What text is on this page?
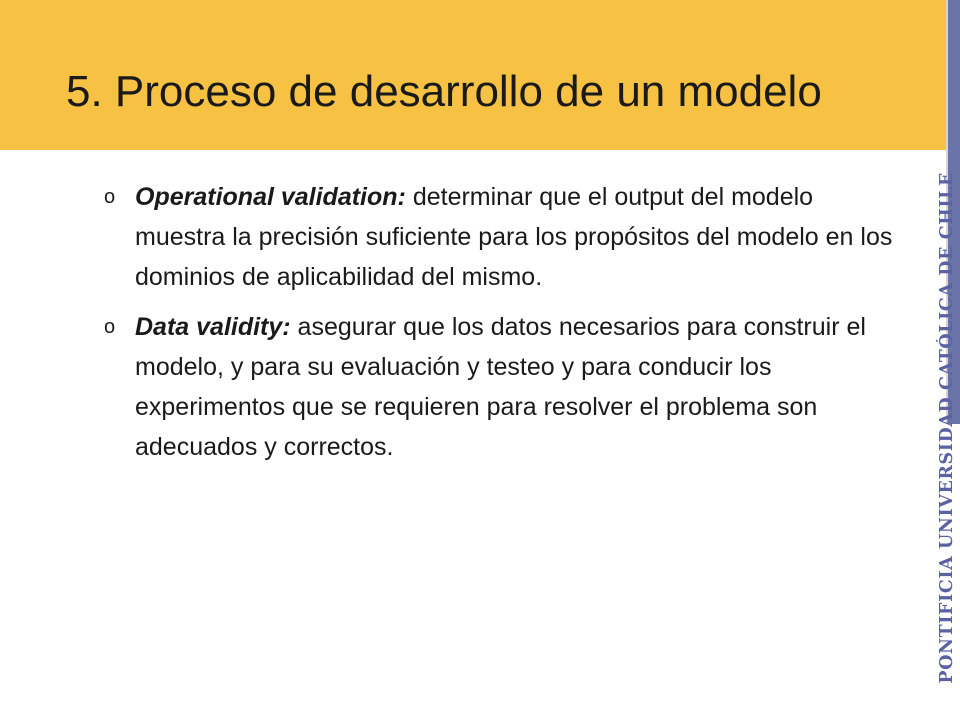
5. Proceso de desarrollo de un modelo
PONTIFICIA UNIVERSIDAD CATÓLICA DE CHILE
o Operational validation: determinar que el output del modelo muestra la precisión suficiente para los propósitos del modelo en los dominios de aplicabilidad del mismo.
o Data validity: asegurar que los datos necesarios para construir el modelo, y para su evaluación y testeo y para conducir los experimentos que se requieren para resolver el problema son adecuados y correctos.
